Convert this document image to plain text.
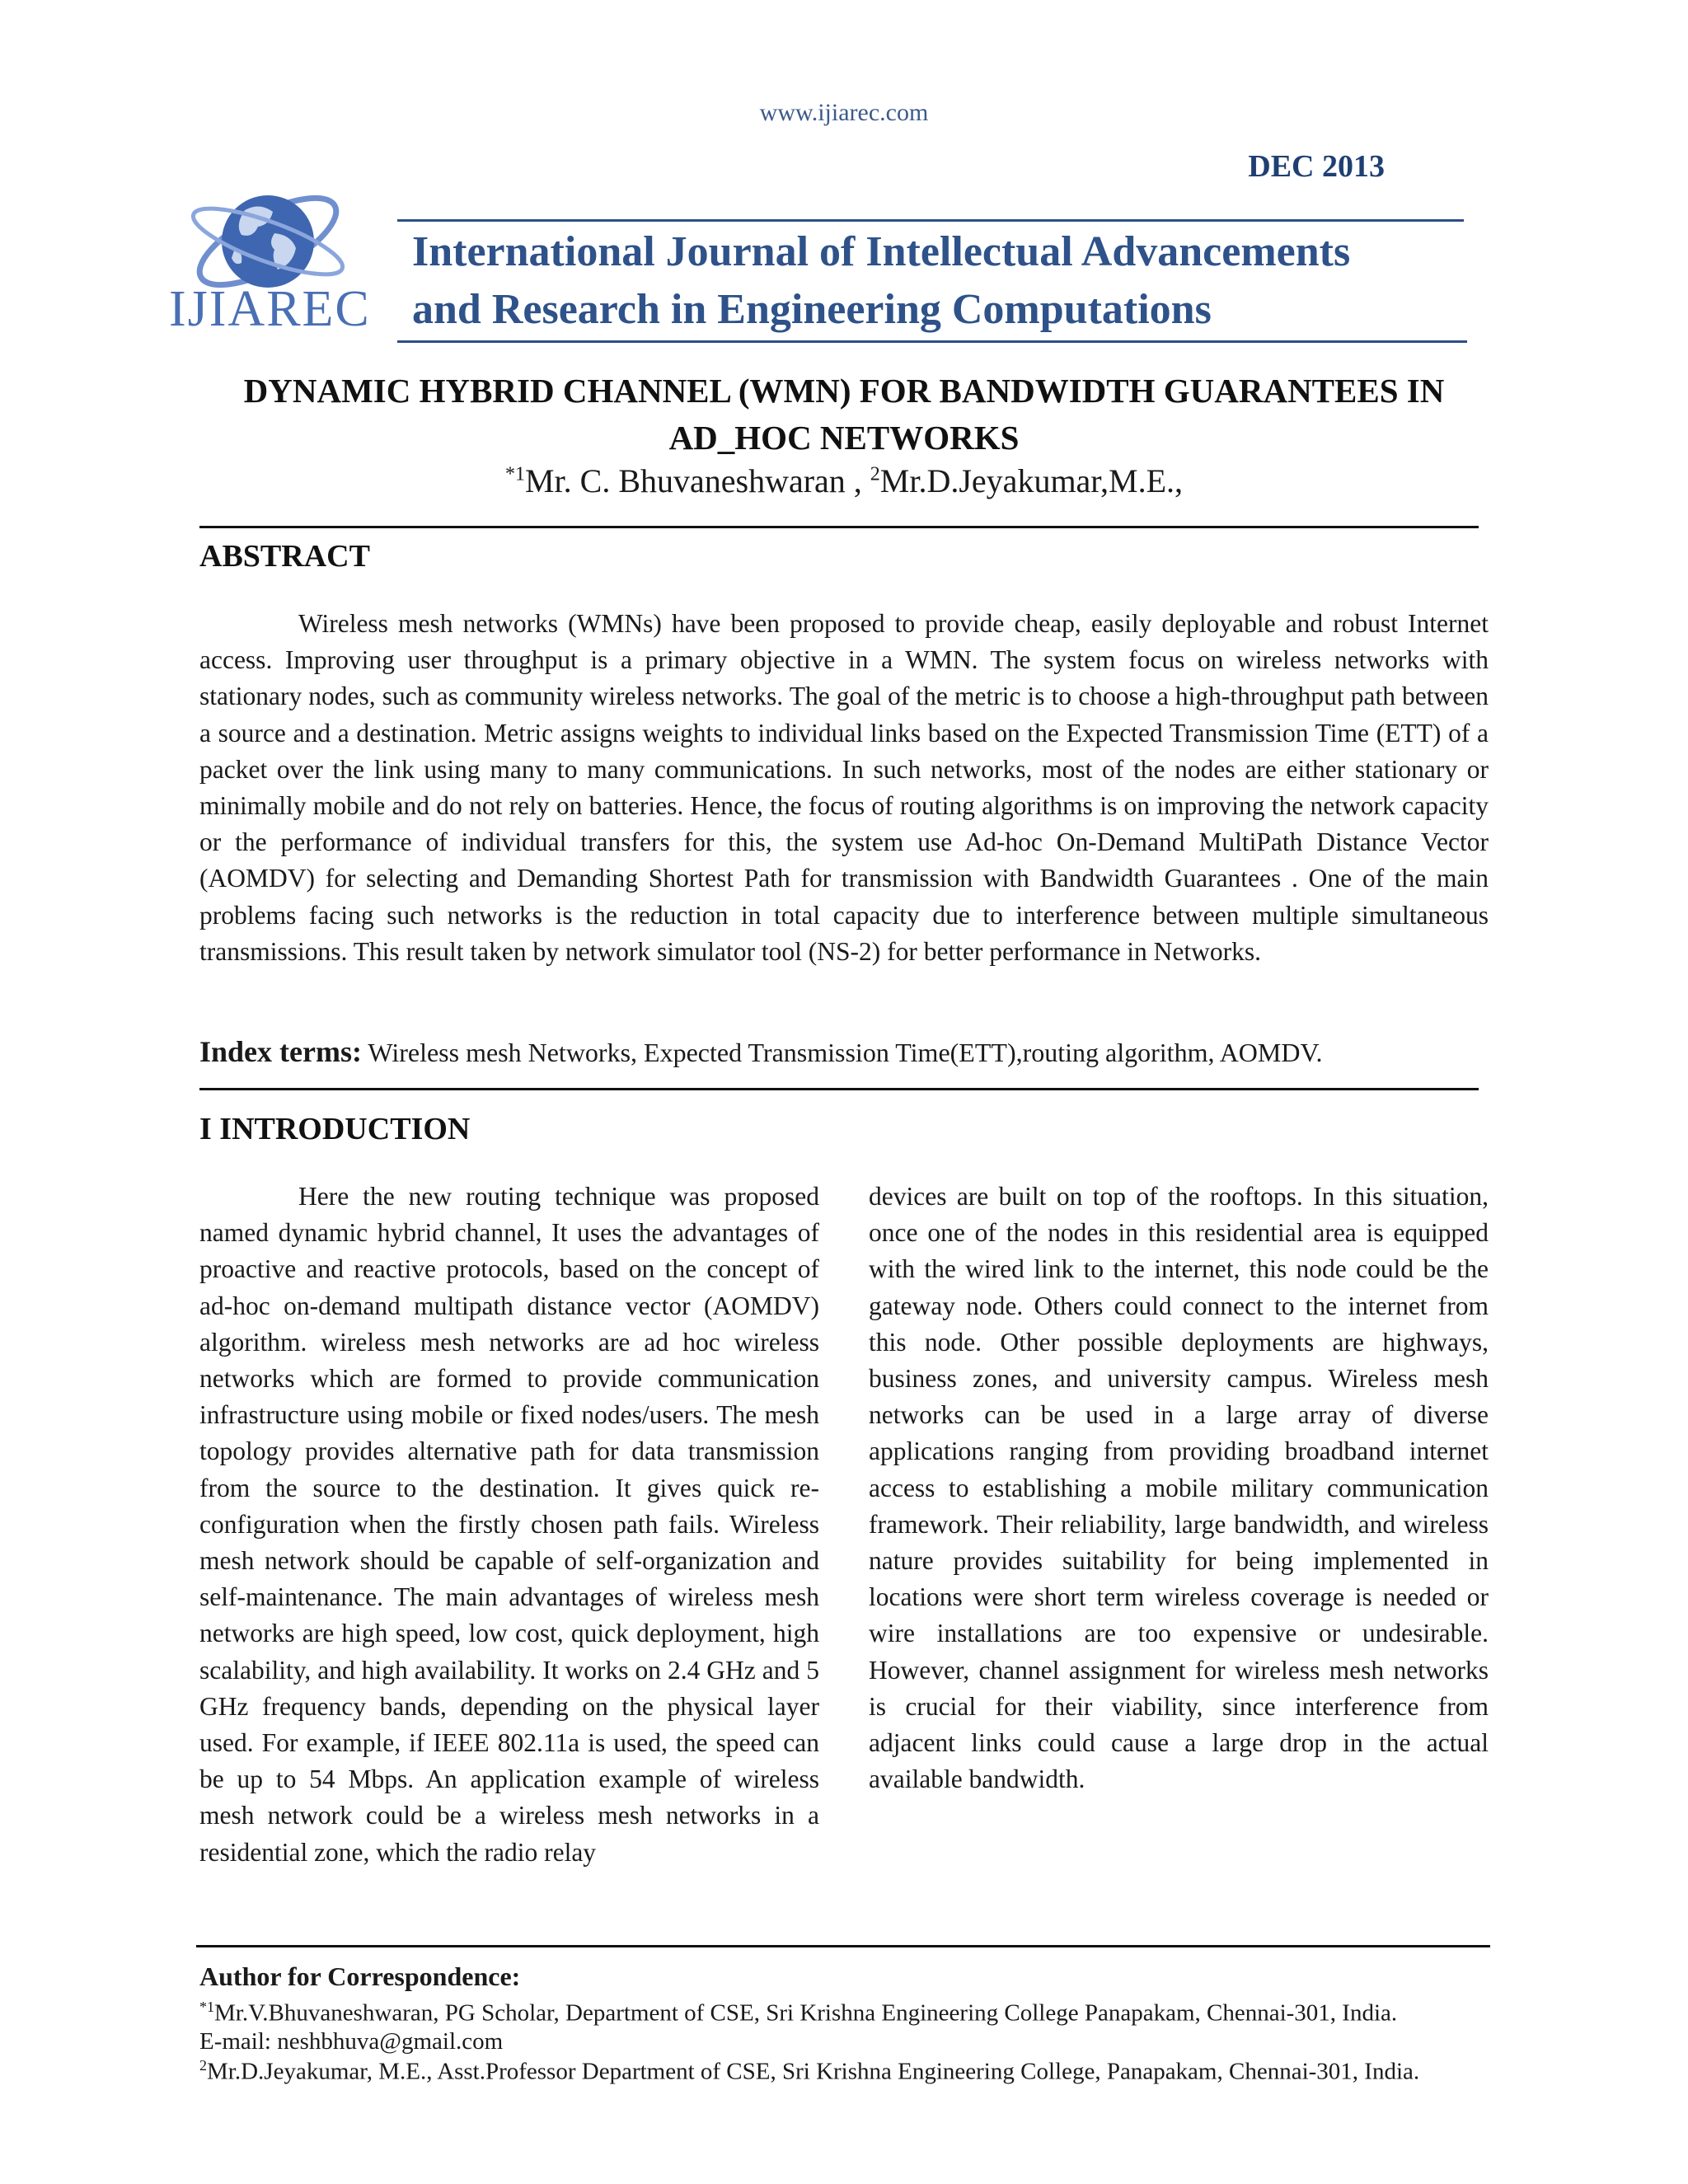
www.ijiarec.com
DEC 2013
IJIAREC
International Journal of Intellectual Advancements
and Research in Engineering Computations
DYNAMIC HYBRID CHANNEL (WMN) FOR BANDWIDTH GUARANTEES IN
AD_HOC NETWORKS
$^{*1}$Mr. C. Bhuvaneshwaran , $^2$Mr.D.Jeyakumar,M.E.,
ABSTRACT

Wireless mesh networks (WMNs) have been proposed to provide cheap, easily deployable and robust Internet access. Improving user throughput is a primary objective in a WMN. The system focus on wireless networks with stationary nodes, such as community wireless networks. The goal of the metric is to choose a high-throughput path between a source and a destination. Metric assigns weights to individual links based on the Expected Transmission Time (ETT) of a packet over the link using many to many communications. In such networks, most of the nodes are either stationary or minimally mobile and do not rely on batteries. Hence, the focus of routing algorithms is on improving the network capacity or the performance of individual transfers for this, the system use Ad-hoc On-Demand MultiPath Distance Vector (AOMDV) for selecting and Demanding Shortest Path for transmission with Bandwidth Guarantees . One of the main problems facing such networks is the reduction in total capacity due to interference between multiple simultaneous transmissions. This result taken by network simulator tool (NS-2) for better performance in Networks.

Index terms: Wireless mesh Networks, Expected Transmission Time(ETT),routing algorithm, AOMDV.
I INTRODUCTION

Here the new routing technique was proposed named dynamic hybrid channel, It uses the advantages of proactive and reactive protocols, based on the concept of ad-hoc on-demand multipath distance vector (AOMDV) algorithm. wireless mesh networks are ad hoc wireless networks which are formed to provide communication infrastructure using mobile or fixed nodes/users. The mesh topology provides alternative path for data transmission from the source to the destination. It gives quick re-configuration when the firstly chosen path fails. Wireless mesh network should be capable of self-organization and self-maintenance. The main advantages of wireless mesh networks are high speed, low cost, quick deployment, high scalability, and high availability. It works on 2.4 GHz and 5 GHz frequency bands, depending on the physical layer used. For example, if IEEE 802.11a is used, the speed can be up to 54 Mbps. An application example of wireless mesh network could be a wireless mesh networks in a residential zone, which the radio relay

devices are built on top of the rooftops. In this situation, once one of the nodes in this residential area is equipped with the wired link to the internet, this node could be the gateway node. Others could connect to the internet from this node. Other possible deployments are highways, business zones, and university campus. Wireless mesh networks can be used in a large array of diverse applications ranging from providing broadband internet access to establishing a mobile military communication framework. Their reliability, large bandwidth, and wireless nature provides suitability for being implemented in locations were short term wireless coverage is needed or wire installations are too expensive or undesirable. However, channel assignment for wireless mesh networks is crucial for their viability, since interference from adjacent links could cause a large drop in the actual available bandwidth.

Author for Correspondence:
$^{*1}$Mr.V.Bhuvaneshwaran, PG Scholar, Department of CSE, Sri Krishna Engineering College Panapakam, Chennai-301, India.
E-mail: neshbhuva@gmail.com
$^2$Mr.D.Jeyakumar, M.E., Asst.Professor Department of CSE, Sri Krishna Engineering College, Panapakam, Chennai-301, India.
